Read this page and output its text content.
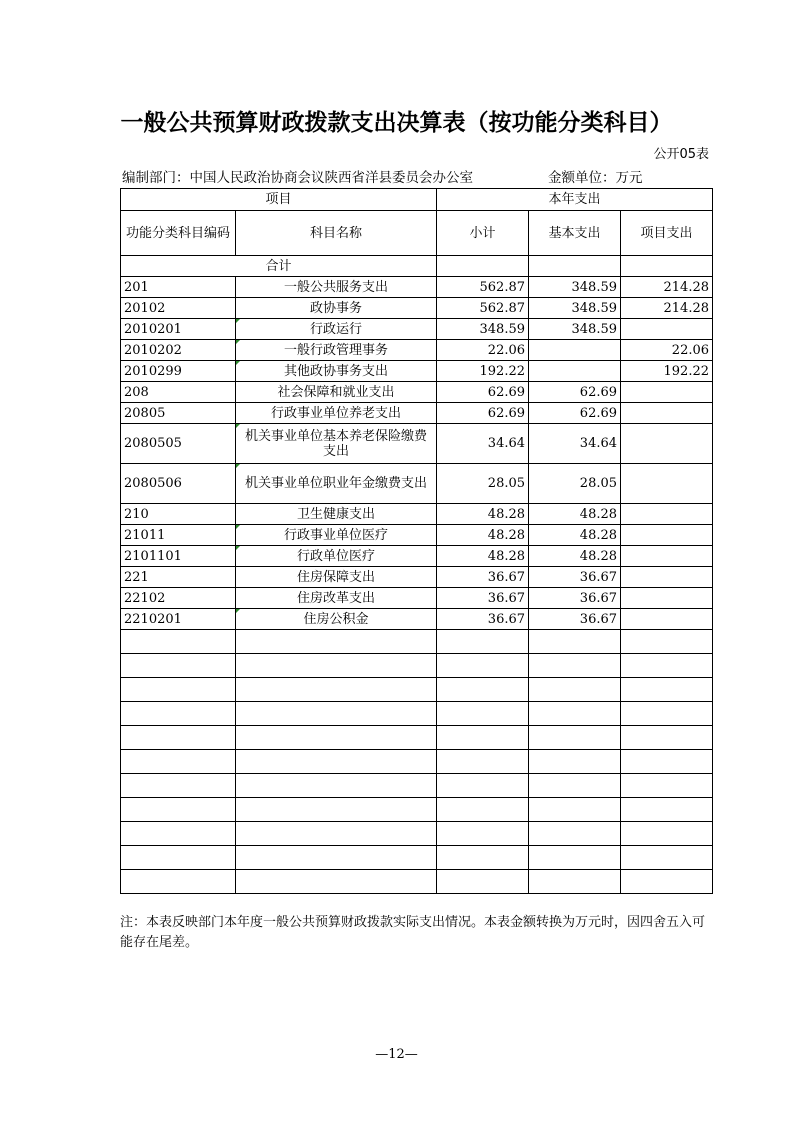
一般公共预算财政拨款支出决算表（按功能分类科目）
公开05表
编制部门：中国人民政治协商会议陕西省洋县委员会办公室	金额单位：万元
项目		本年支出		
功能分类科目编码	科目名称	小计	基本支出	项目支出
合计				
201	一般公共服务支出	562.87	348.59	214.28
20102	政协事务	562.87	348.59	214.28
2010201	行政运行	348.59	348.59	
2010202	一般行政管理事务	22.06		22.06
2010299	其他政协事务支出	192.22		192.22
208	社会保障和就业支出	62.69	62.69	
20805	行政事业单位养老支出	62.69	62.69	
2080505	机关事业单位基本养老保险缴费支出	34.64	34.64	
2080506	机关事业单位职业年金缴费支出	28.05	28.05	
210	卫生健康支出	48.28	48.28	
21011	行政事业单位医疗	48.28	48.28	
2101101	行政单位医疗	48.28	48.28	
221	住房保障支出	36.67	36.67	
22102	住房改革支出	36.67	36.67	
2210201	住房公积金	36.67	36.67	

注：本表反映部门本年度一般公共预算财政拨款实际支出情况。本表金额转换为万元时，因四舍五入可能存在尾差。
—12—
